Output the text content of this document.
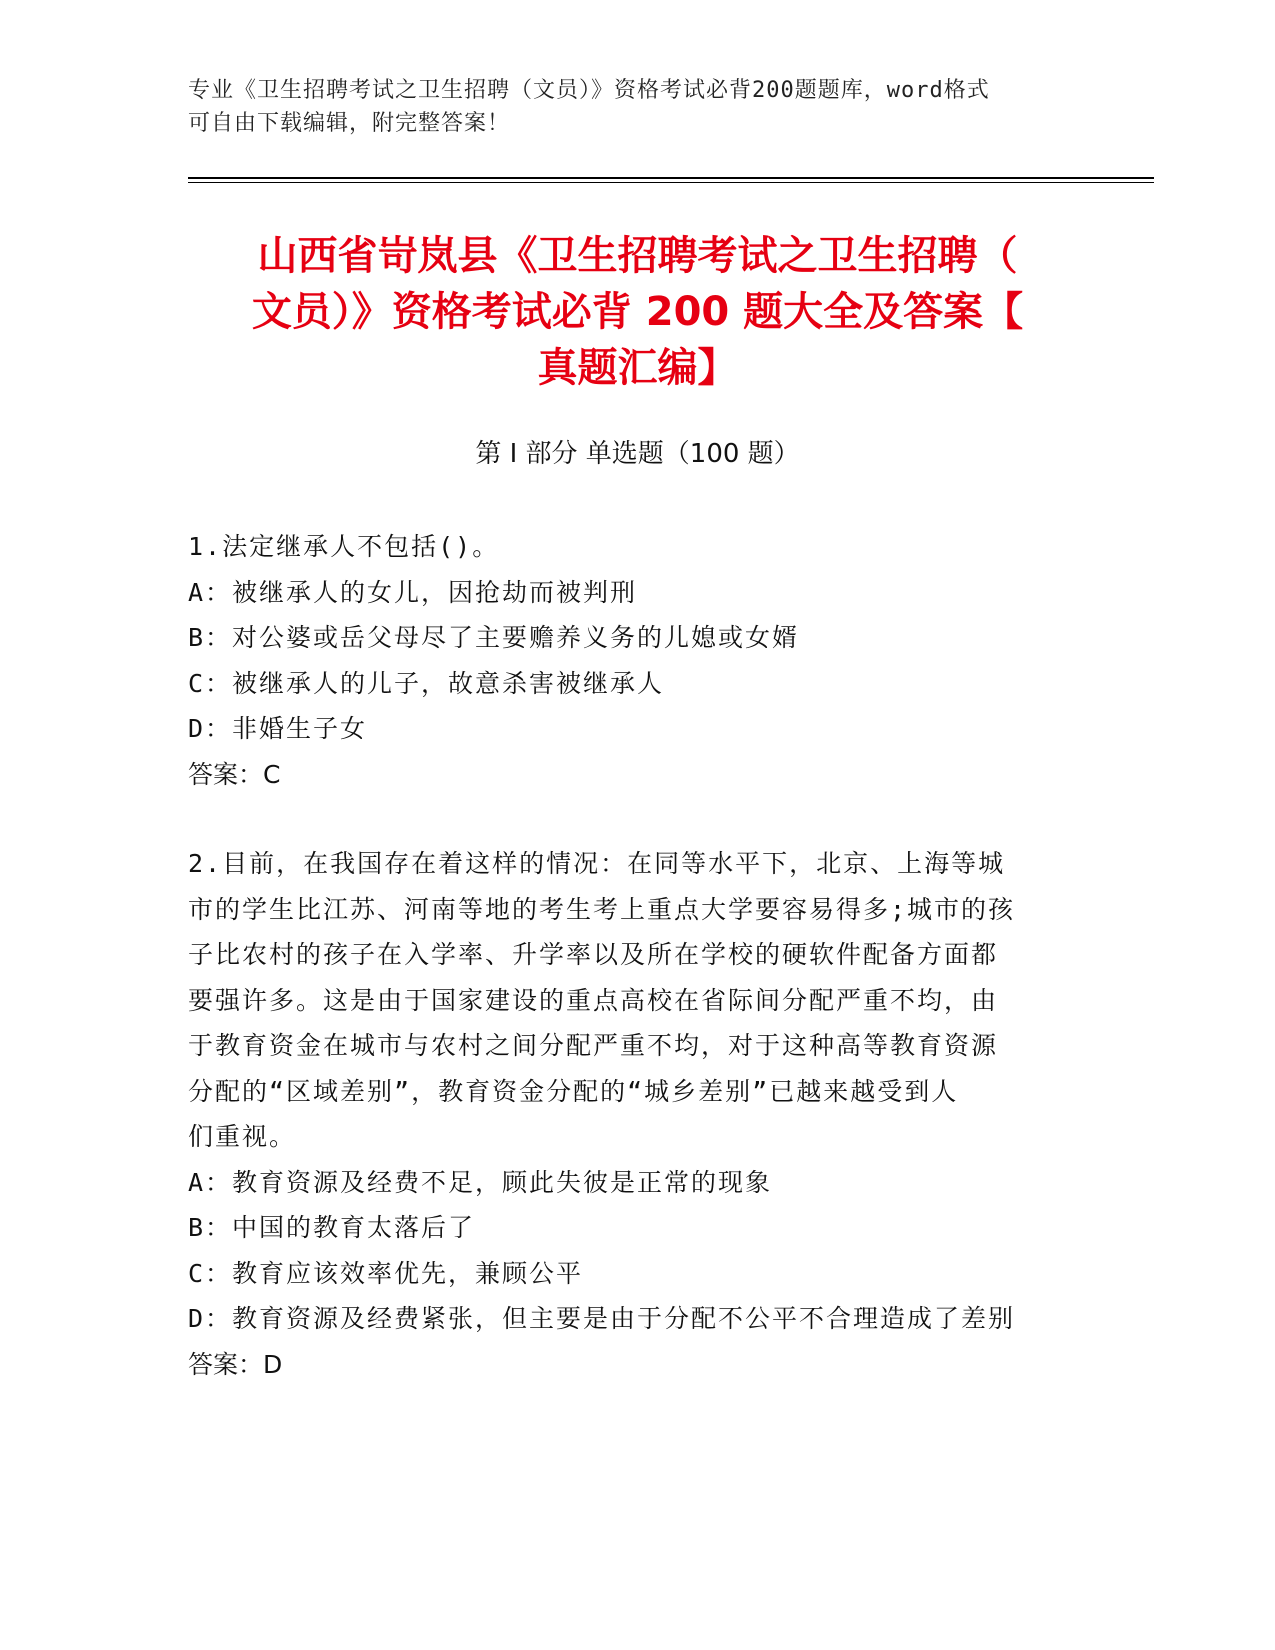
专业《卫生招聘考试之卫生招聘（文员）》资格考试必背200题题库，word格式
可自由下载编辑，附完整答案！
山西省岢岚县《卫生招聘考试之卫生招聘（
文员）》资格考试必背 200 题大全及答案【
真题汇编】
第 I 部分 单选题（100 题）
1.法定继承人不包括()。
A：被继承人的女儿，因抢劫而被判刑
B：对公婆或岳父母尽了主要赡养义务的儿媳或女婿
C：被继承人的儿子，故意杀害被继承人
D：非婚生子女
答案：C
2.目前，在我国存在着这样的情况：在同等水平下，北京、上海等城
市的学生比江苏、河南等地的考生考上重点大学要容易得多;城市的孩
子比农村的孩子在入学率、升学率以及所在学校的硬软件配备方面都
要强许多。这是由于国家建设的重点高校在省际间分配严重不均，由
于教育资金在城市与农村之间分配严重不均，对于这种高等教育资源
分配的“区域差别”，教育资金分配的“城乡差别”已越来越受到人
们重视。
A：教育资源及经费不足，顾此失彼是正常的现象
B：中国的教育太落后了
C：教育应该效率优先，兼顾公平
D：教育资源及经费紧张，但主要是由于分配不公平不合理造成了差别
答案：D
